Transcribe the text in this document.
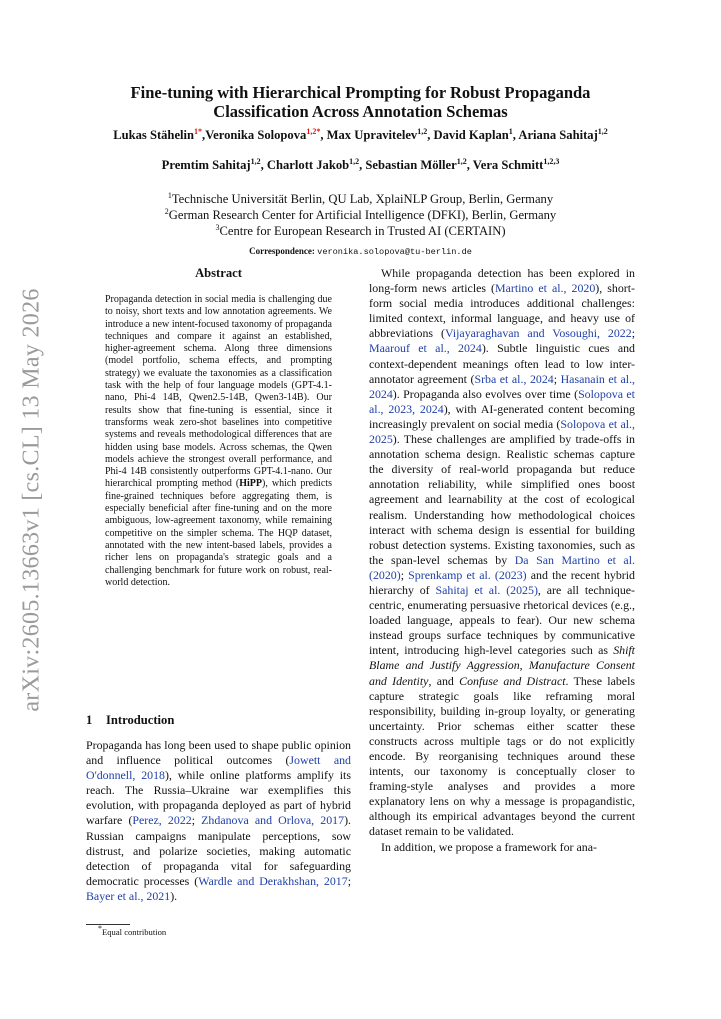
arXiv:2605.13663v1 [cs.CL] 13 May 2026
Fine-tuning with Hierarchical Prompting for Robust Propaganda
Classification Across Annotation Schemas
Lukas Stähelin$^{1*}$,Veronika Solopova$^{1,2*}$, Max Upravitelev$^{1,2}$, David Kaplan$^1$, Ariana Sahitaj$^{1,2}$
Premtim Sahitaj$^{1,2}$, Charlott Jakob$^{1,2}$, Sebastian Möller$^{1,2}$, Vera Schmitt$^{1,2,3}$
$^1$Technische Universität Berlin, QU Lab, XplaiNLP Group, Berlin, Germany
$^2$German Research Center for Artificial Intelligence (DFKI), Berlin, Germany
$^3$Centre for European Research in Trusted AI (CERTAIN)
Correspondence: veronika.solopova@tu-berlin.de
Abstract
Propaganda detection in social media is challenging due to noisy, short texts and low annotation agreements. We introduce a new intent-focused taxonomy of propaganda techniques and compare it against an established, higher-agreement schema. Along three dimensions (model portfolio, schema effects, and prompting strategy) we evaluate the taxonomies as a classification task with the help of four language models (GPT-4.1-nano, Phi-4 14B, Qwen2.5-14B, Qwen3-14B). Our results show that fine-tuning is essential, since it transforms weak zero-shot baselines into competitive systems and reveals methodological differences that are hidden using base models. Across schemas, the Qwen models achieve the strongest overall performance, and Phi-4 14B consistently outperforms GPT-4.1-nano. Our hierarchical prompting method (HiPP), which predicts fine-grained techniques before aggregating them, is especially beneficial after fine-tuning and on the more ambiguous, low-agreement taxonomy, while remaining competitive on the simpler schema. The HQP dataset, annotated with the new intent-based labels, provides a richer lens on propaganda's strategic goals and a challenging benchmark for future work on robust, real-world detection.
1 Introduction
Propaganda has long been used to shape public opinion and influence political outcomes (Jowett and O'donnell, 2018), while online platforms amplify its reach. The Russia–Ukraine war exemplifies this evolution, with propaganda deployed as part of hybrid warfare (Perez, 2022; Zhdanova and Orlova, 2017). Russian campaigns manipulate perceptions, sow distrust, and polarize societies, making automatic detection of propaganda vital for safeguarding democratic processes (Wardle and Derakhshan, 2017; Bayer et al., 2021).
*Equal contribution

While propaganda detection has been explored in long-form news articles (Martino et al., 2020), short-form social media introduces additional challenges: limited context, informal language, and heavy use of abbreviations (Vijayaraghavan and Vosoughi, 2022; Maarouf et al., 2024). Subtle linguistic cues and context-dependent meanings often lead to low inter-annotator agreement (Srba et al., 2024; Hasanain et al., 2024). Propaganda also evolves over time (Solopova et al., 2023, 2024), with AI-generated content becoming increasingly prevalent on social media (Solopova et al., 2025). These challenges are amplified by trade-offs in annotation schema design. Realistic schemas capture the diversity of real-world propaganda but reduce annotation reliability, while simplified ones boost agreement and learnability at the cost of ecological realism. Understanding how methodological choices interact with schema design is essential for building robust detection systems. Existing taxonomies, such as the span-level schemas by Da San Martino et al. (2020); Sprenkamp et al. (2023) and the recent hybrid hierarchy of Sahitaj et al. (2025), are all technique-centric, enumerating persuasive rhetorical devices (e.g., loaded language, appeals to fear). Our new schema instead groups surface techniques by communicative intent, introducing high-level categories such as Shift Blame and Justify Aggression, Manufacture Consent and Identity, and Confuse and Distract. These labels capture strategic goals like reframing moral responsibility, building in-group loyalty, or generating uncertainty. Prior schemas either scatter these constructs across multiple tags or do not explicitly encode. By reorganising techniques around these intents, our taxonomy is conceptually closer to framing-style analyses and provides a more explanatory lens on why a message is propagandistic, although its empirical advantages beyond the current dataset remain to be validated.

In addition, we propose a framework for ana-
